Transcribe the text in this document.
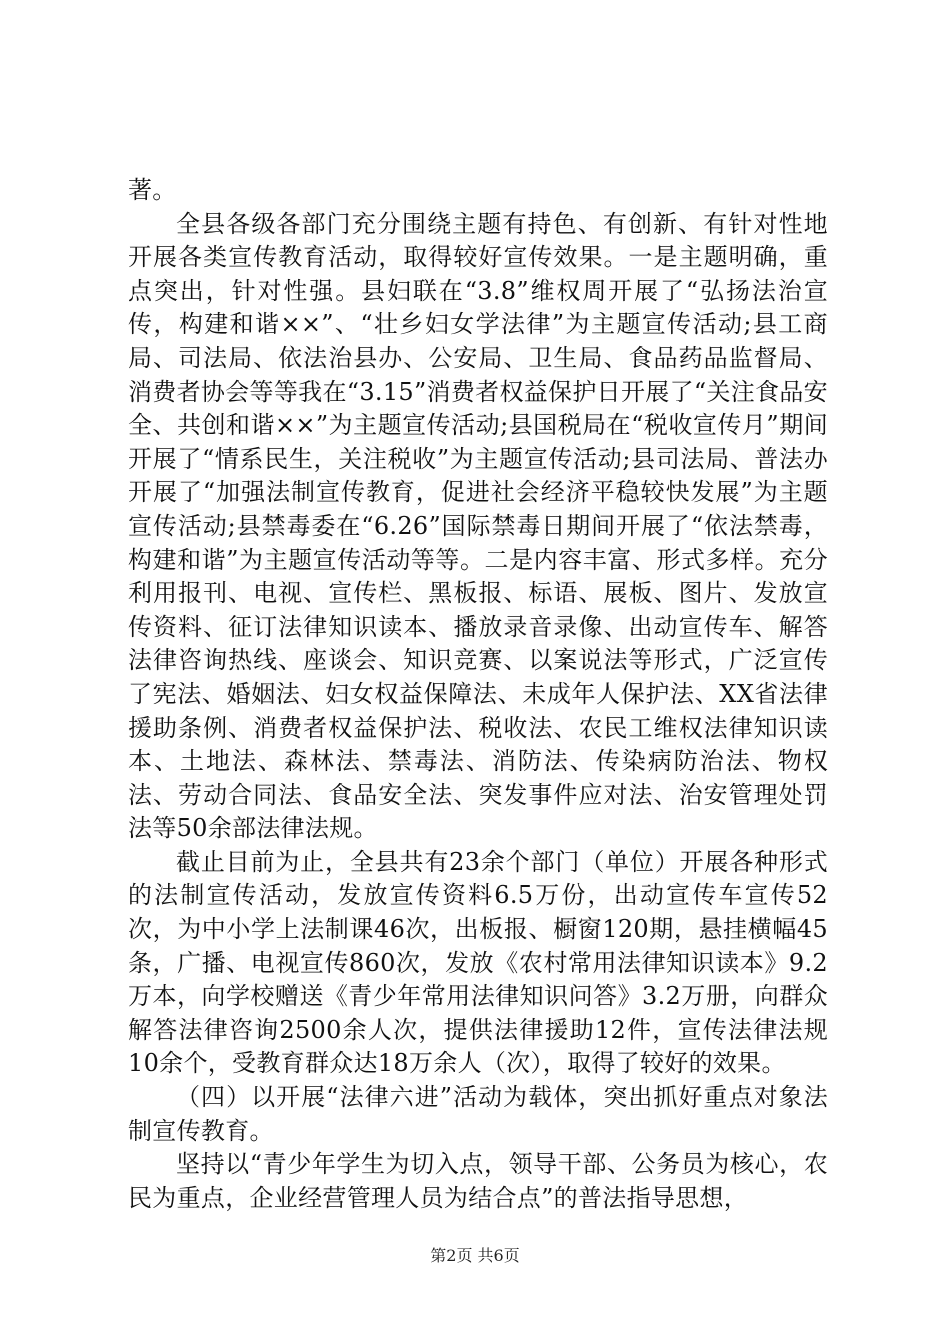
著。

全县各级各部门充分围绕主题有持色、有创新、有针对性地开展各类宣传教育活动，取得较好宣传效果。一是主题明确，重点突出，针对性强。县妇联在“3.8”维权周开展了“弘扬法治宣传，构建和谐××”、“壮乡妇女学法律”为主题宣传活动;县工商局、司法局、依法治县办、公安局、卫生局、食品药品监督局、消费者协会等等我在“3.15”消费者权益保护日开展了“关注食品安全、共创和谐××”为主题宣传活动;县国税局在“税收宣传月”期间开展了“情系民生，关注税收”为主题宣传活动;县司法局、普法办开展了“加强法制宣传教育，促进社会经济平稳较快发展”为主题宣传活动;县禁毒委在“6.26”国际禁毒日期间开展了“依法禁毒，构建和谐”为主题宣传活动等等。二是内容丰富、形式多样。充分利用报刊、电视、宣传栏、黑板报、标语、展板、图片、发放宣传资料、征订法律知识读本、播放录音录像、出动宣传车、解答法律咨询热线、座谈会、知识竞赛、以案说法等形式，广泛宣传了宪法、婚姻法、妇女权益保障法、未成年人保护法、XX省法律援助条例、消费者权益保护法、税收法、农民工维权法律知识读本、土地法、森林法、禁毒法、消防法、传染病防治法、物权法、劳动合同法、食品安全法、突发事件应对法、治安管理处罚法等50余部法律法规。

截止目前为止，全县共有23余个部门（单位）开展各种形式的法制宣传活动，发放宣传资料6.5万份，出动宣传车宣传52次，为中小学上法制课46次，出板报、橱窗120期，悬挂横幅45条，广播、电视宣传860次，发放《农村常用法律知识读本》9.2万本，向学校赠送《青少年常用法律知识问答》3.2万册，向群众解答法律咨询2500余人次，提供法律援助12件，宣传法律法规10余个，受教育群众达18万余人（次），取得了较好的效果。

（四）以开展“法律六进”活动为载体，突出抓好重点对象法制宣传教育。

坚持以“青少年学生为切入点，领导干部、公务员为核心，农民为重点，企业经营管理人员为结合点”的普法指导思想，

第2页 共6页
